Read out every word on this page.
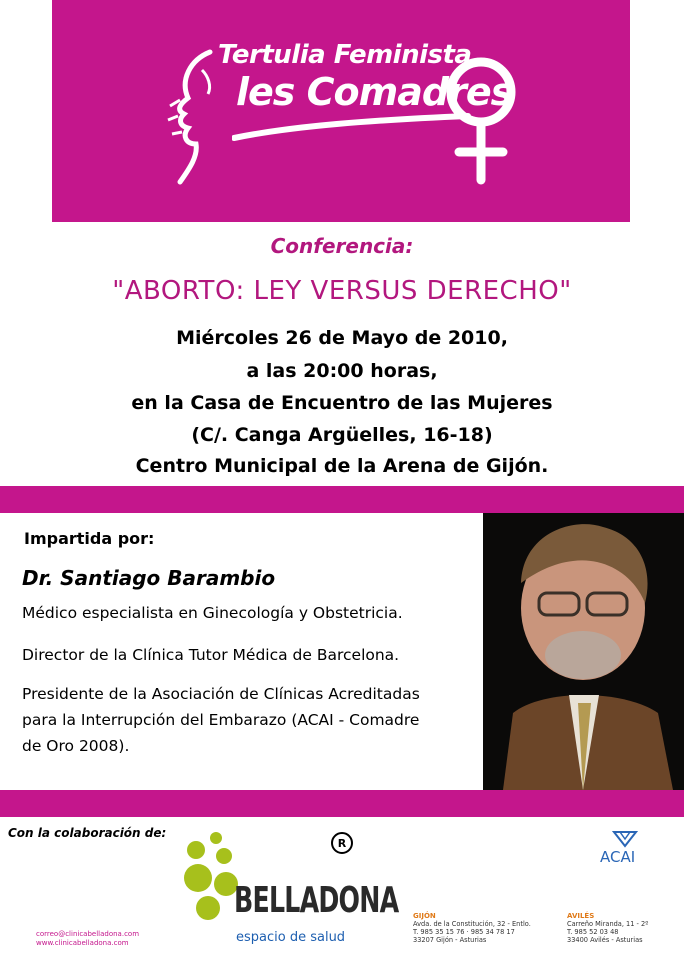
Tertulia Feminista
les Comadres
Conferencia:
"ABORTO: LEY VERSUS DERECHO"
Miércoles 26 de Mayo de 2010,
a las 20:00 horas,
en la Casa de Encuentro de las Mujeres
(C/. Canga Argüelles, 16-18)
Centro Municipal de la Arena de Gijón.
Impartida por:
Dr. Santiago Barambio
Médico especialista en Ginecología y Obstetricia.
Director de la Clínica Tutor Médica de Barcelona.
Presidente de la Asociación de Clínicas Acreditadas
para la Interrupción del Embarazo (ACAI - Comadre
de Oro 2008).
Con la colaboración de:
R
BELLADONA
espacio de salud
correo@clinicabelladona.com
www.clinicabelladona.com
GIJÓN
Avda. de la Constitución, 32 - Entlo.
T. 985 35 15 76 · 985 34 78 17
33207 Gijón - Asturias
AVILÉS
Carreño Miranda, 11 - 2º
T. 985 52 03 48
33400 Avilés - Asturias
ACAI
